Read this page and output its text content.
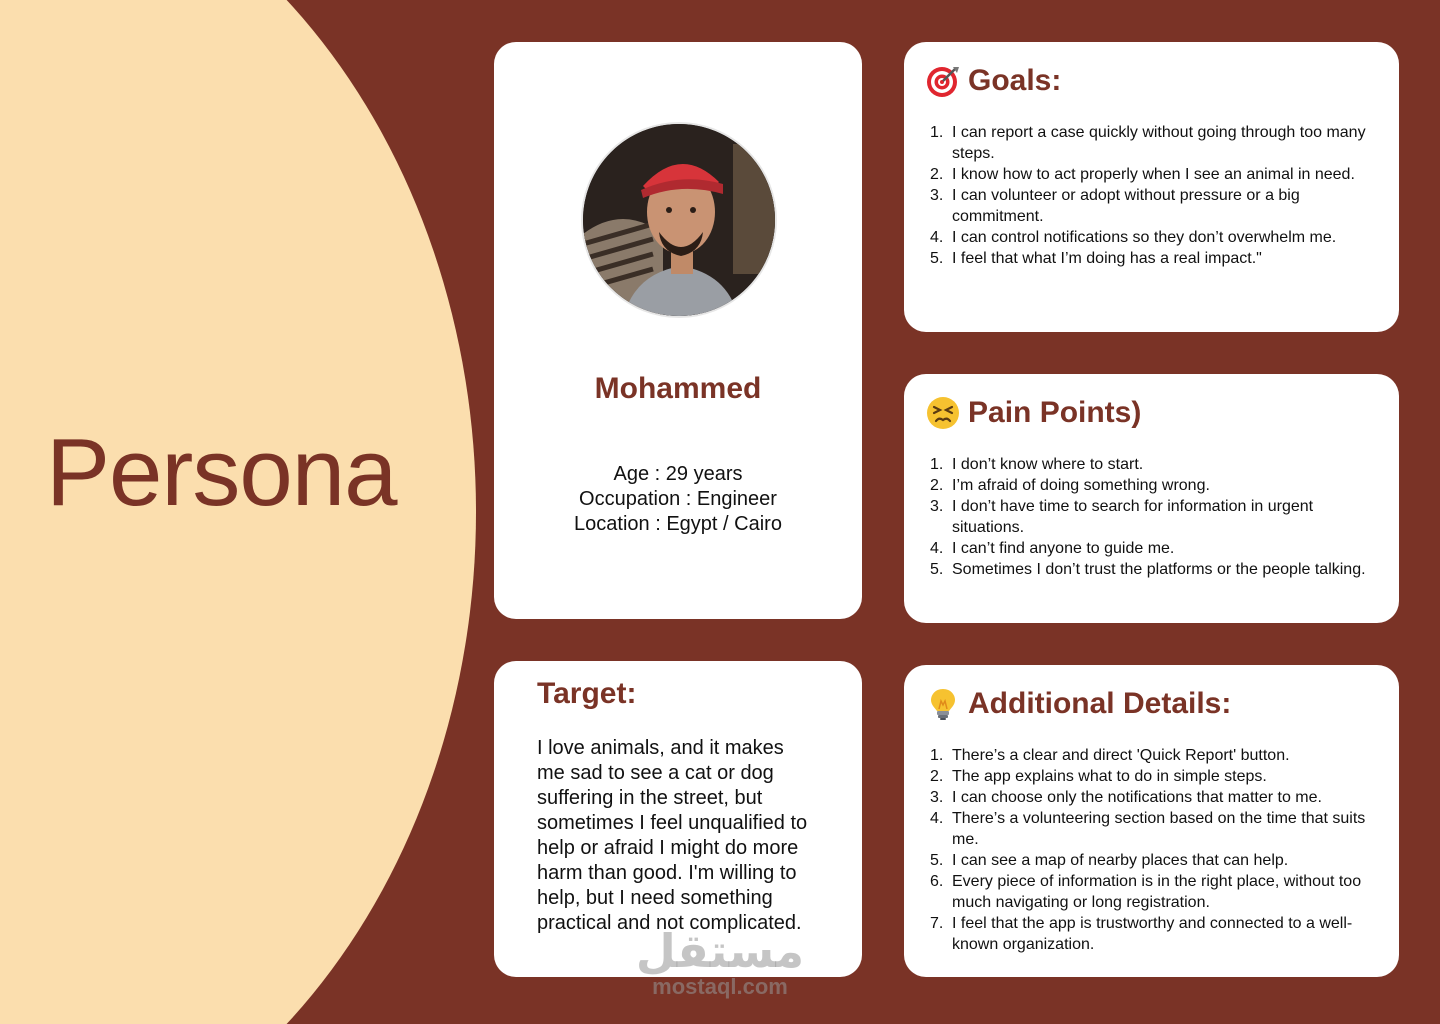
Persona
Mohammed
Age : 29 years
Occupation : Engineer
Location : Egypt / Cairo
Target:
I love animals, and it makes me sad to see a cat or dog suffering in the street, but sometimes I feel unqualified to help or afraid I might do more harm than good. I'm willing to help, but I need something practical and not complicated.
Goals:
1. I can report a case quickly without going through too many steps.
2. I know how to act properly when I see an animal in need.
3. I can volunteer or adopt without pressure or a big commitment.
4. I can control notifications so they don’t overwhelm me.
5. I feel that what I’m doing has a real impact."
Pain Points)
1. I don’t know where to start.
2. I’m afraid of doing something wrong.
3. I don’t have time to search for information in urgent situations.
4. I can’t find anyone to guide me.
5. Sometimes I don’t trust the platforms or the people talking.
Additional Details:
1. There’s a clear and direct 'Quick Report' button.
2. The app explains what to do in simple steps.
3. I can choose only the notifications that matter to me.
4. There’s a volunteering section based on the time that suits me.
5. I can see a map of nearby places that can help.
6. Every piece of information is in the right place, without too much navigating or long registration.
7. I feel that the app is trustworthy and connected to a well-known organization.
مستقل
mostaql.com
